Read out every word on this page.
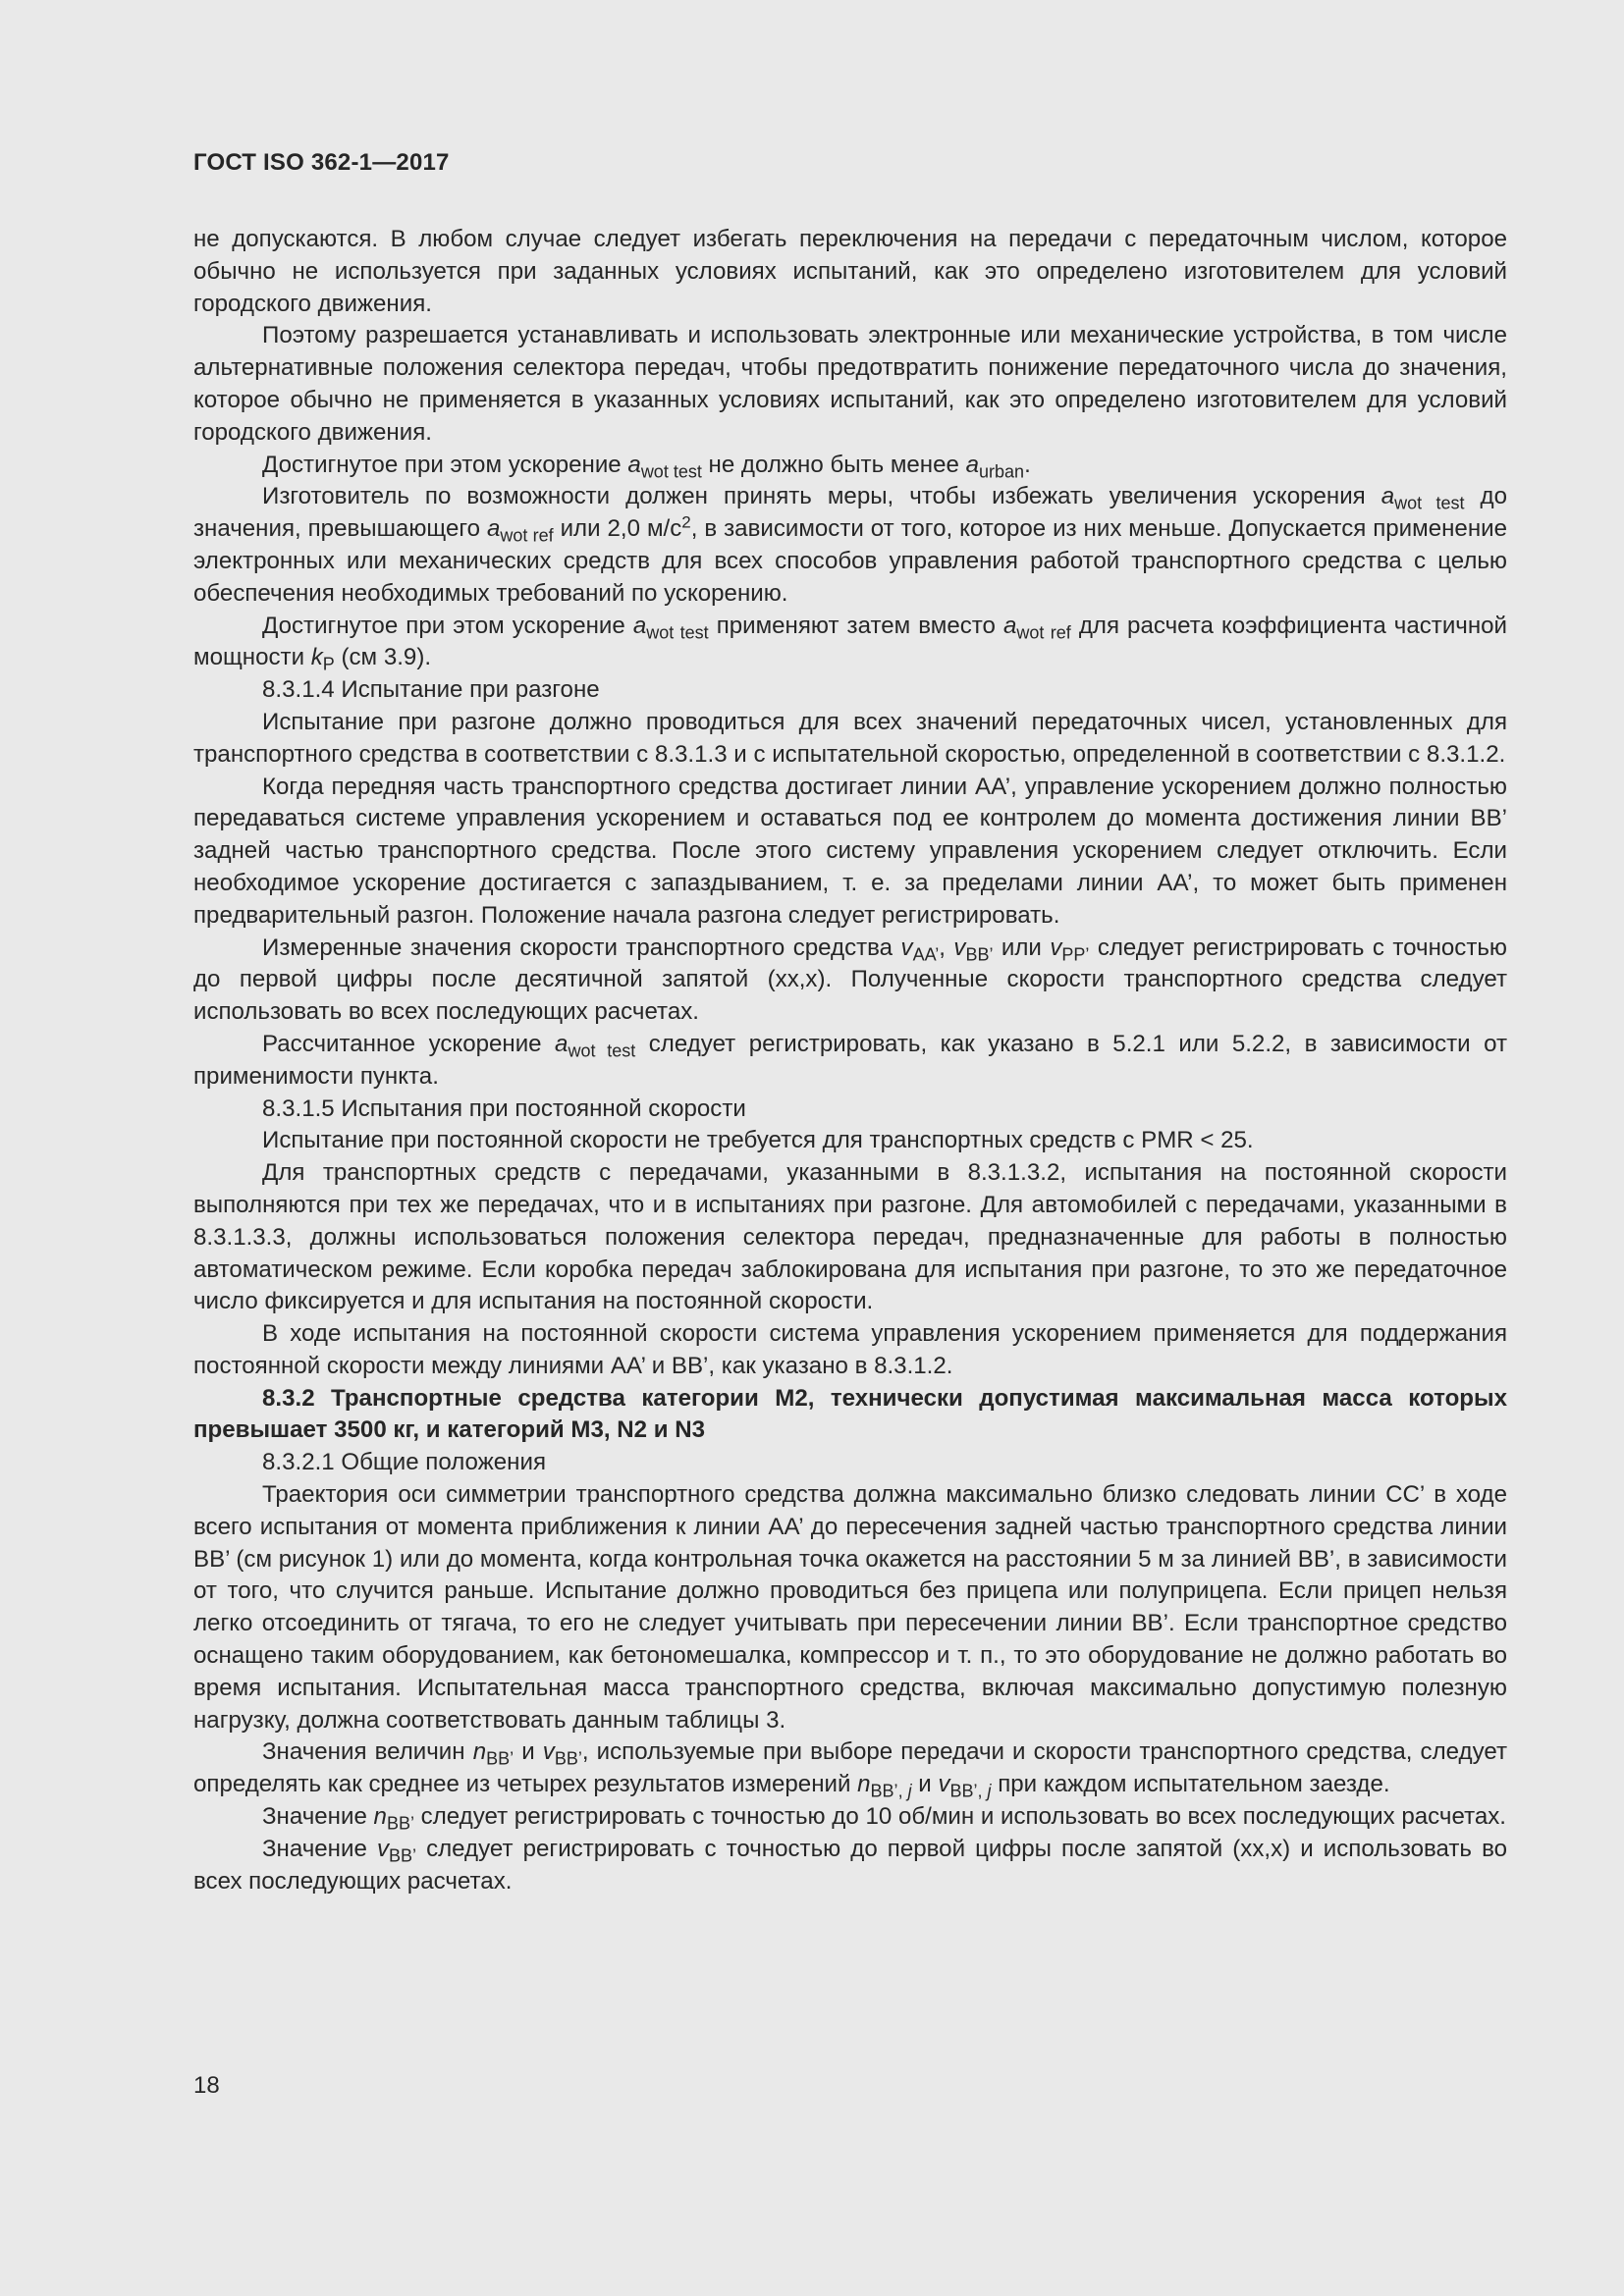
ГОСТ ISO 362-1—2017

не допускаются. В любом случае следует избегать переключения на передачи с передаточным числом, которое обычно не используется при заданных условиях испытаний, как это определено изготовителем для условий городского движения.

Поэтому разрешается устанавливать и использовать электронные или механические устройства, в том числе альтернативные положения селектора передач, чтобы предотвратить понижение передаточного числа до значения, которое обычно не применяется в указанных условиях испытаний, как это определено изготовителем для условий городского движения.

Достигнутое при этом ускорение $a_{wot test}$ не должно быть менее $a_{urban}$.

Изготовитель по возможности должен принять меры, чтобы избежать увеличения ускорения $a_{wot test}$ до значения, превышающего $a_{wot ref}$ или 2,0 $м/с^2$, в зависимости от того, которое из них меньше. Допускается применение электронных или механических средств для всех способов управления работой транспортного средства с целью обеспечения необходимых требований по ускорению.

Достигнутое при этом ускорение $a_{wot test}$ применяют затем вместо $a_{wot ref}$ для расчета коэффициента частичной мощности $k_P$ (см 3.9).

8.3.1.4 Испытание при разгоне

Испытание при разгоне должно проводиться для всех значений передаточных чисел, установленных для транспортного средства в соответствии с 8.3.1.3 и с испытательной скоростью, определенной в соответствии с 8.3.1.2.

Когда передняя часть транспортного средства достигает линии АА’, управление ускорением должно полностью передаваться системе управления ускорением и оставаться под ее контролем до момента достижения линии ВВ’ задней частью транспортного средства. После этого систему управления ускорением следует отключить. Если необходимое ускорение достигается с запаздыванием, т. е. за пределами линии АА’, то может быть применен предварительный разгон. Положение начала разгона следует регистрировать.

Измеренные значения скорости транспортного средства $v_{AA’}$, $v_{BB’}$ или $v_{PP’}$ следует регистрировать с точностью до первой цифры после десятичной запятой (xx,x). Полученные скорости транспортного средства следует использовать во всех последующих расчетах.

Рассчитанное ускорение $a_{wot test}$ следует регистрировать, как указано в 5.2.1 или 5.2.2, в зависимости от применимости пункта.

8.3.1.5 Испытания при постоянной скорости

Испытание при постоянной скорости не требуется для транспортных средств с PMR < 25.

Для транспортных средств с передачами, указанными в 8.3.1.3.2, испытания на постоянной скорости выполняются при тех же передачах, что и в испытаниях при разгоне. Для автомобилей с передачами, указанными в 8.3.1.3.3, должны использоваться положения селектора передач, предназначенные для работы в полностью автоматическом режиме. Если коробка передач заблокирована для испытания при разгоне, то это же передаточное число фиксируется и для испытания на постоянной скорости.

В ходе испытания на постоянной скорости система управления ускорением применяется для поддержания постоянной скорости между линиями АА’ и ВВ’, как указано в 8.3.1.2.

8.3.2 Транспортные средства категории М2, технически допустимая максимальная масса которых превышает 3500 кг, и категорий М3, N2 и N3

8.3.2.1 Общие положения

Траектория оси симметрии транспортного средства должна максимально близко следовать линии СС’ в ходе всего испытания от момента приближения к линии АА’ до пересечения задней частью транспортного средства линии ВВ’ (см рисунок 1) или до момента, когда контрольная точка окажется на расстоянии 5 м за линией ВВ’, в зависимости от того, что случится раньше. Испытание должно проводиться без прицепа или полуприцепа. Если прицеп нельзя легко отсоединить от тягача, то его не следует учитывать при пересечении линии ВВ’. Если транспортное средство оснащено таким оборудованием, как бетономешалка, компрессор и т. п., то это оборудование не должно работать во время испытания. Испытательная масса транспортного средства, включая максимально допустимую полезную нагрузку, должна соответствовать данным таблицы 3.

Значения величин $n_{BB’}$ и $v_{BB’}$, используемые при выборе передачи и скорости транспортного средства, следует определять как среднее из четырех результатов измерений $n_{BB’, j}$ и $v_{BB’, j}$ при каждом испытательном заезде.

Значение $n_{BB’}$ следует регистрировать с точностью до 10 об/мин и использовать во всех последующих расчетах.

Значение $v_{BB’}$ следует регистрировать с точностью до первой цифры после запятой (xx,x) и использовать во всех последующих расчетах.

18
